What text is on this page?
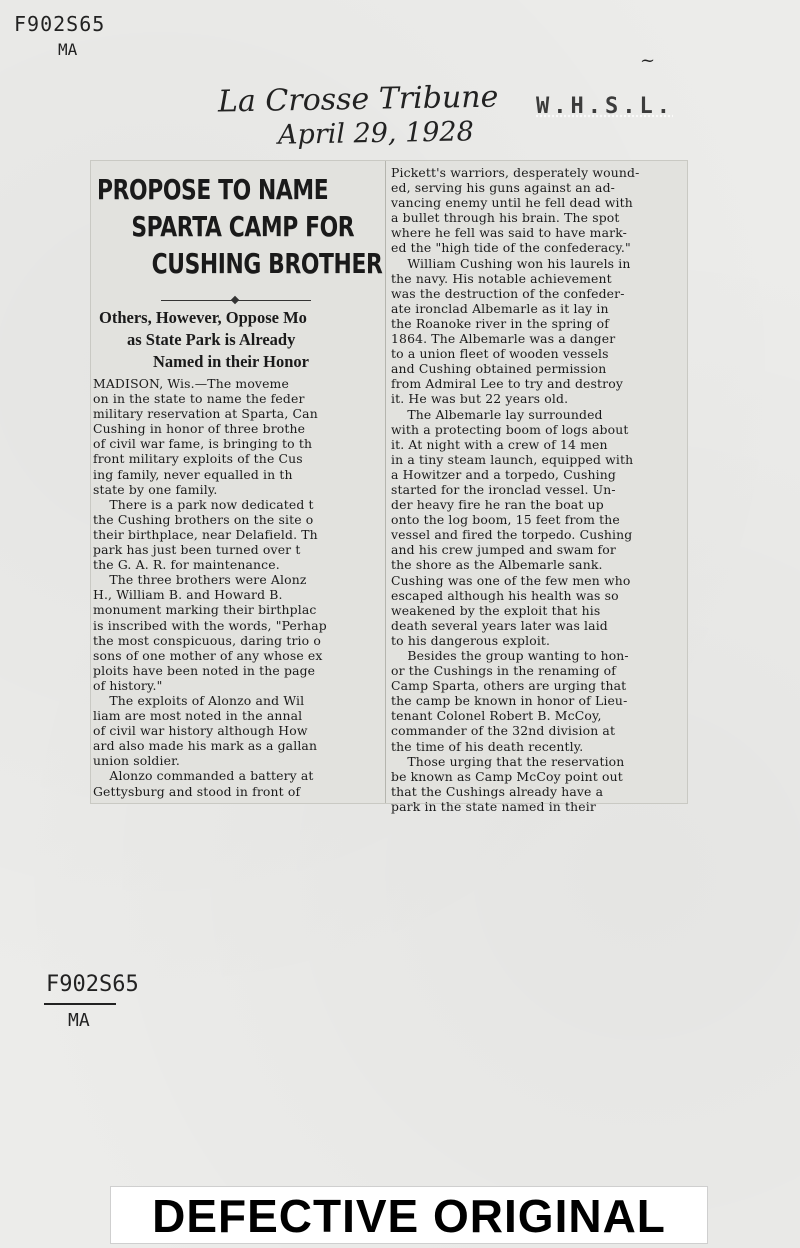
F902S65
MA
~
La Crosse Tribune
April 29, 1928
W.H.S.L.
PROPOSE TO NAME
SPARTA CAMP FOR
CUSHING BROTHER
Others, However, Oppose Mo
as State Park is Already
Named in their Honor
MADISON, Wis.—The moveme
on in the state to name the feder
military reservation at Sparta, Can
Cushing in honor of three brothe
of civil war fame, is bringing to th
front military exploits of the Cus
ing family, never equalled in th
state by one family.
There is a park now dedicated t
the Cushing brothers on the site o
their birthplace, near Delafield. Th
park has just been turned over t
the G. A. R. for maintenance.
The three brothers were Alonz
H., William B. and Howard B.
monument marking their birthplac
is inscribed with the words, "Perhap
the most conspicuous, daring trio o
sons of one mother of any whose ex
ploits have been noted in the page
of history."
The exploits of Alonzo and Wil
liam are most noted in the annal
of civil war history although How
ard also made his mark as a gallan
union soldier.
Alonzo commanded a battery at
Gettysburg and stood in front of
Pickett's warriors, desperately wound-
ed, serving his guns against an ad-
vancing enemy until he fell dead with
a bullet through his brain. The spot
where he fell was said to have mark-
ed the "high tide of the confederacy."
William Cushing won his laurels in
the navy. His notable achievement
was the destruction of the confeder-
ate ironclad Albemarle as it lay in
the Roanoke river in the spring of
1864. The Albemarle was a danger
to a union fleet of wooden vessels
and Cushing obtained permission
from Admiral Lee to try and destroy
it. He was but 22 years old.
The Albemarle lay surrounded
with a protecting boom of logs about
it. At night with a crew of 14 men
in a tiny steam launch, equipped with
a Howitzer and a torpedo, Cushing
started for the ironclad vessel. Un-
der heavy fire he ran the boat up
onto the log boom, 15 feet from the
vessel and fired the torpedo. Cushing
and his crew jumped and swam for
the shore as the Albemarle sank.
Cushing was one of the few men who
escaped although his health was so
weakened by the exploit that his
death several years later was laid
to his dangerous exploit.
Besides the group wanting to hon-
or the Cushings in the renaming of
Camp Sparta, others are urging that
the camp be known in honor of Lieu-
tenant Colonel Robert B. McCoy,
commander of the 32nd division at
the time of his death recently.
Those urging that the reservation
be known as Camp McCoy point out
that the Cushings already have a
park in the state named in their
F902S65
MA
DEFECTIVE ORIGINAL
